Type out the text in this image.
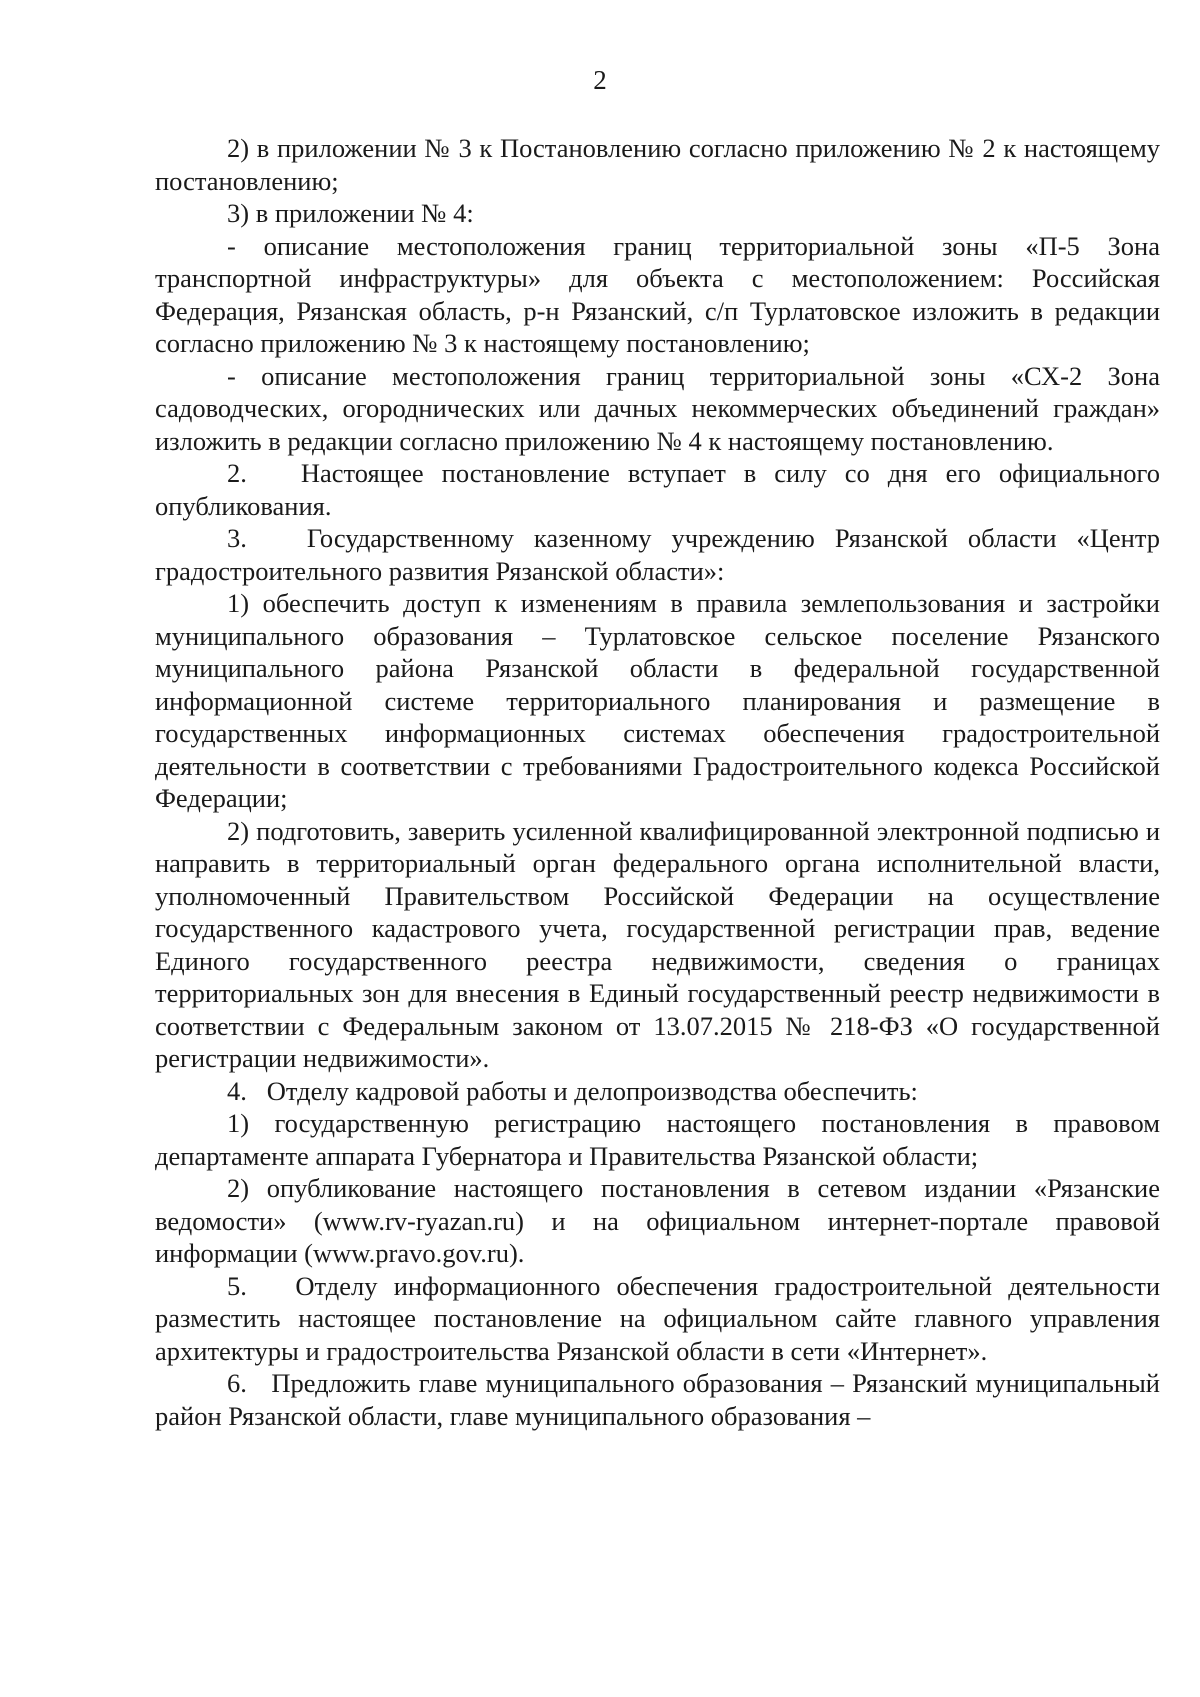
2

2) в приложении № 3 к Постановлению согласно приложению № 2 к настоящему постановлению;

3) в приложении № 4:

- описание местоположения границ территориальной зоны «П-5 Зона транспортной инфраструктуры» для объекта с местоположением: Российская Федерация, Рязанская область, р-н Рязанский, с/п Турлатовское изложить в редакции согласно приложению № 3 к настоящему постановлению;

- описание местоположения границ территориальной зоны «СХ-2 Зона садоводческих, огороднических или дачных некоммерческих объединений граждан» изложить в редакции согласно приложению № 4 к настоящему постановлению.

2.   Настоящее постановление вступает в силу со дня его официального опубликования.

3.   Государственному казенному учреждению Рязанской области «Центр градостроительного развития Рязанской области»:

1) обеспечить доступ к изменениям в правила землепользования и застройки муниципального образования – Турлатовское сельское поселение Рязанского муниципального района Рязанской области в федеральной государственной информационной системе территориального планирования и размещение в государственных информационных системах обеспечения градостроительной деятельности в соответствии с требованиями Градостроительного кодекса Российской Федерации;

2) подготовить, заверить усиленной квалифицированной электронной подписью и направить в территориальный орган федерального органа исполнительной власти, уполномоченный Правительством Российской Федерации на осуществление государственного кадастрового учета, государственной регистрации прав, ведение Единого государственного реестра недвижимости, сведения о границах территориальных зон для внесения в Единый государственный реестр недвижимости в соответствии с Федеральным законом от 13.07.2015 № 218-ФЗ «О государственной регистрации недвижимости».

4.   Отделу кадровой работы и делопроизводства обеспечить:

1) государственную регистрацию настоящего постановления в правовом департаменте аппарата Губернатора и Правительства Рязанской области;

2) опубликование настоящего постановления в сетевом издании «Рязанские ведомости» (www.rv-ryazan.ru) и на официальном интернет-портале правовой информации (www.pravo.gov.ru).

5.   Отделу информационного обеспечения градостроительной деятельности разместить настоящее постановление на официальном сайте главного управления архитектуры и градостроительства Рязанской области в сети «Интернет».

6.   Предложить главе муниципального образования – Рязанский муниципальный район Рязанской области, главе муниципального образования –
